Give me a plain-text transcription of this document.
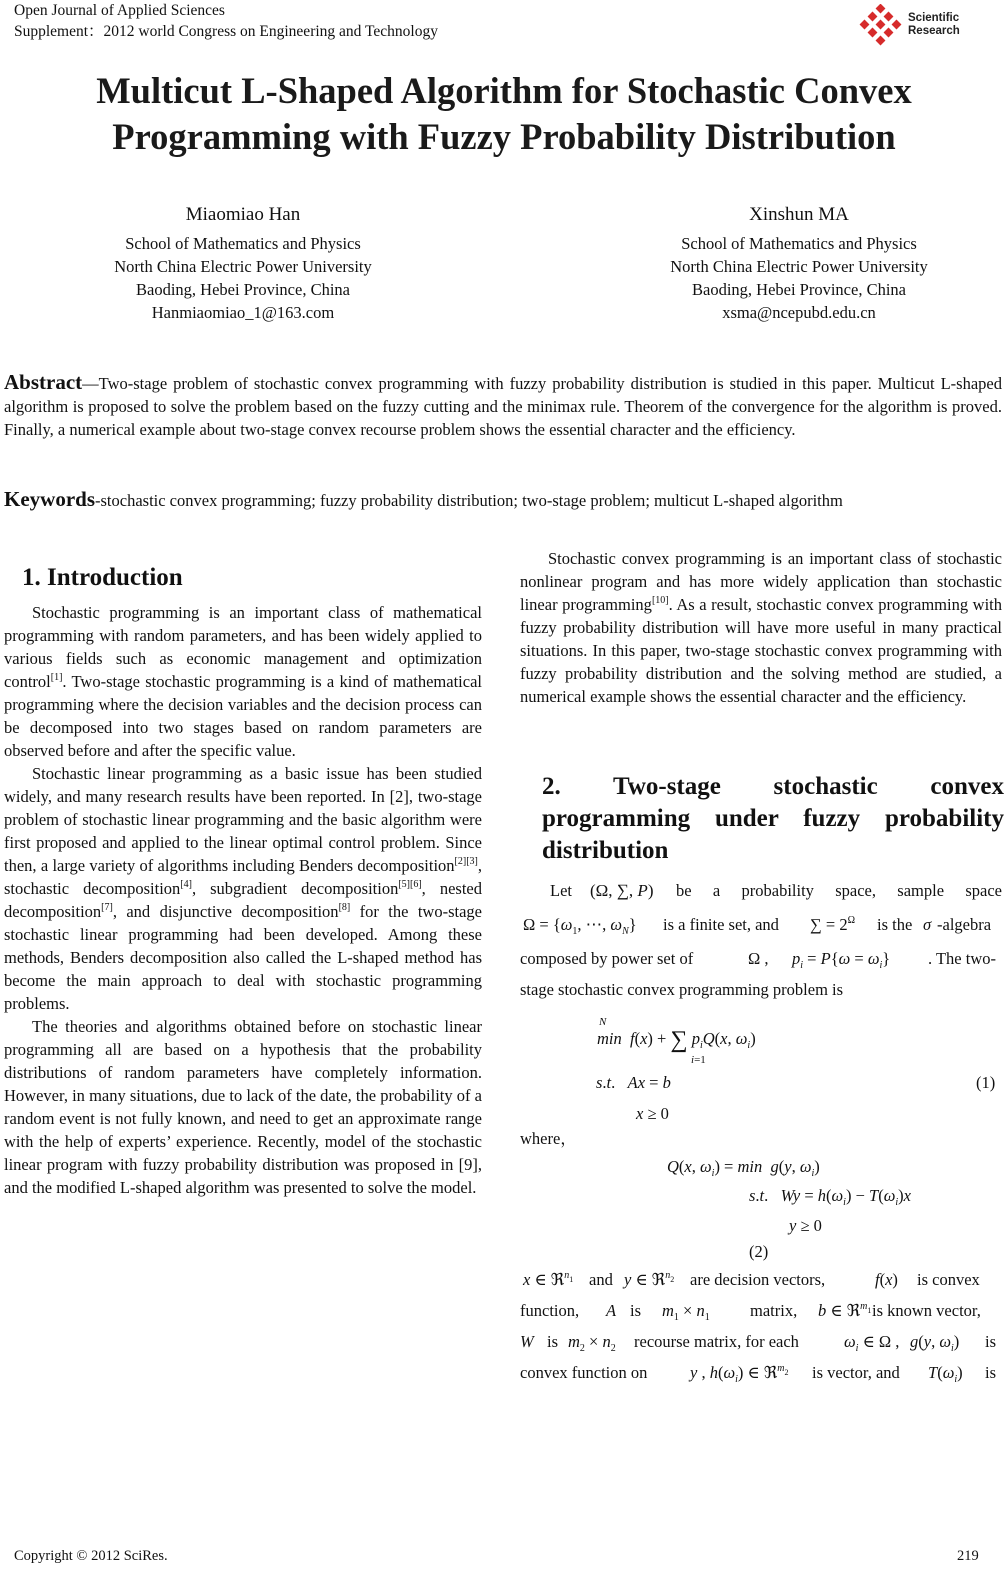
Open Journal of Applied Sciences
Supplement：2012 world Congress on Engineering and Technology
Scientific Research
Multicut L-Shaped Algorithm for Stochastic Convex
Programming with Fuzzy Probability Distribution
Miaomiao Han
School of Mathematics and Physics
North China Electric Power University
Baoding, Hebei Province, China
Hanmiaomiao_1@163.com
Xinshun MA
School of Mathematics and Physics
North China Electric Power University
Baoding, Hebei Province, China
xsma@ncepubd.edu.cn
Abstract—Two-stage problem of stochastic convex programming with fuzzy probability distribution is studied in this paper. Multicut L-shaped algorithm is proposed to solve the problem based on the fuzzy cutting and the minimax rule. Theorem of the convergence for the algorithm is proved. Finally, a numerical example about two-stage convex recourse problem shows the essential character and the efficiency.
Keywords-stochastic convex programming; fuzzy probability distribution; two-stage problem; multicut L-shaped algorithm
1. Introduction

Stochastic programming is an important class of mathematical programming with random parameters, and has been widely applied to various fields such as economic management and optimization control[1]. Two-stage stochastic programming is a kind of mathematical programming where the decision variables and the decision process can be decomposed into two stages based on random parameters are observed before and after the specific value.

Stochastic linear programming as a basic issue has been studied widely, and many research results have been reported. In [2], two-stage problem of stochastic linear programming and the basic algorithm were first proposed and applied to the linear optimal control problem. Since then, a large variety of algorithms including Benders decomposition[2][3], stochastic decomposition[4], subgradient decomposition[5][6], nested decomposition[7], and disjunctive decomposition[8] for the two-stage stochastic linear programming had been developed. Among these methods, Benders decomposition also called the L-shaped method has become the main approach to deal with stochastic programming problems.

The theories and algorithms obtained before on stochastic linear programming all are based on a hypothesis that the probability distributions of random parameters have completely information. However, in many situations, due to lack of the date, the probability of a random event is not fully known, and need to get an approximate range with the help of experts’ experience. Recently, model of the stochastic linear program with fuzzy probability distribution was proposed in [9], and the modified L-shaped algorithm was presented to solve the model.

Stochastic convex programming is an important class of stochastic nonlinear program and has more widely application than stochastic linear programming[10]. As a result, stochastic convex programming with fuzzy probability distribution will have more useful in many practical situations. In this paper, two-stage stochastic convex programming with fuzzy probability distribution and the solving method are studied, a numerical example shows the essential character and the efficiency.

2. Two-stage stochastic convex
programming under fuzzy probability
distribution
Let (Ω, ∑, P) be a probability space, sample space
$\Omega = \{\omega_1$, ⋯, $\omega_N$} is a finite set, and ∑ = $2^\Omega$ is the σ -algebra
composed by power set of	Ω , $p_i = P\{\omega = \omega_i\}$ . The two-
stage stochastic convex programming problem is
N
min f(x) + ∑ $p_iQ(x$, $\omega_i$)
i=1
s.t.   Ax = b	(1)
x ≥ 0
where，
Q(x, $\omega_i) = \min g(y$, $\omega_i$)
s.t.   $Wy = h(\omega_i) - T(\omega_i)x$
y ≥ 0
(2)
x ∈ ℜ$^{n_1}$ and y ∈ ℜ$^{n_2}$ are decision vectors,	f(x) is convex
function, A is $m_1 \times n_1$ matrix, b ∈ ℜ$^{m_1}$ is known vector,
W is $m_2 \times n_2$ recourse matrix, for each	$\omega_i$ ∈ Ω , g(y, $\omega_i$) is
convex function on	y , $h(\omega_i)$ ∈ ℜ$^{m_2}$ is vector, and $T(\omega_i)$ is
Copyright © 2012 SciRes.	219
